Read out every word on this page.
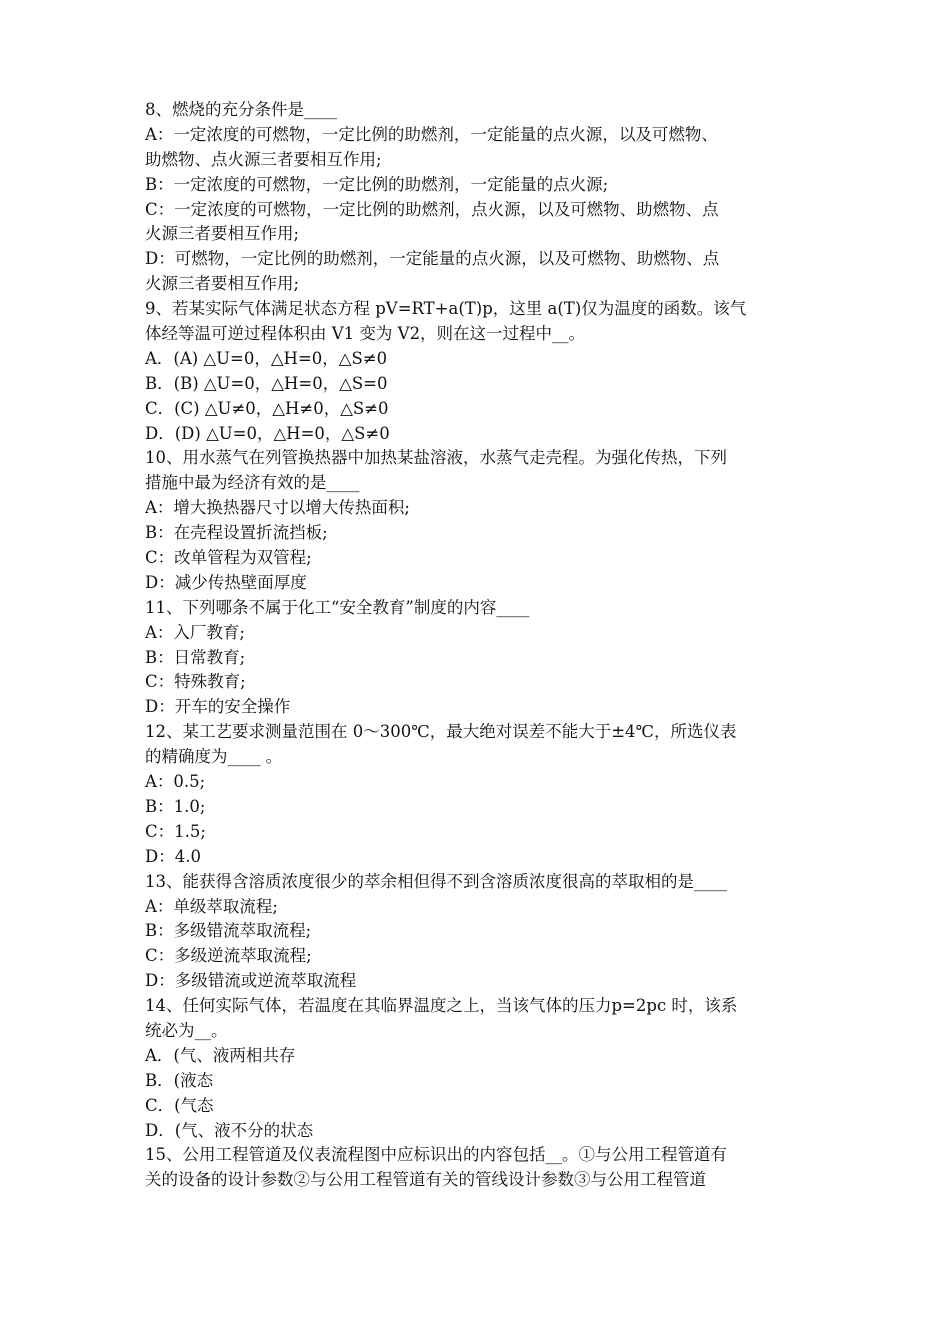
8、燃烧的充分条件是____
A：一定浓度的可燃物，一定比例的助燃剂，一定能量的点火源，以及可燃物、
助燃物、点火源三者要相互作用;
B：一定浓度的可燃物，一定比例的助燃剂，一定能量的点火源;
C：一定浓度的可燃物，一定比例的助燃剂，点火源，以及可燃物、助燃物、点
火源三者要相互作用;
D：可燃物，一定比例的助燃剂，一定能量的点火源，以及可燃物、助燃物、点
火源三者要相互作用;
9、若某实际气体满足状态方程 pV=RT+a(T)p，这里 a(T)仅为温度的函数。该气
体经等温可逆过程体积由 V1 变为 V2，则在这一过程中__。
A．(A) △U=0，△H=0，△S≠0
B．(B) △U=0，△H=0，△S=0
C．(C) △U≠0，△H≠0，△S≠0
D．(D) △U=0，△H=0，△S≠0
10、用水蒸气在列管换热器中加热某盐溶液，水蒸气走壳程。为强化传热，下列
措施中最为经济有效的是____
A：增大换热器尺寸以增大传热面积;
B：在壳程设置折流挡板;
C：改单管程为双管程;
D：减少传热壁面厚度
11、下列哪条不属于化工“安全教育”制度的内容____
A：入厂教育;
B：日常教育;
C：特殊教育;
D：开车的安全操作
12、某工艺要求测量范围在 0～300℃，最大绝对误差不能大于±4℃，所选仪表
的精确度为____ 。
A：0.5;
B：1.0;
C：1.5;
D：4.0
13、能获得含溶质浓度很少的萃余相但得不到含溶质浓度很高的萃取相的是____
A：单级萃取流程;
B：多级错流萃取流程;
C：多级逆流萃取流程;
D：多级错流或逆流萃取流程
14、任何实际气体，若温度在其临界温度之上，当该气体的压力p=2pc 时，该系
统必为__。
A．(气、液两相共存
B．(液态
C．(气态
D．(气、液不分的状态
15、公用工程管道及仪表流程图中应标识出的内容包括__。①与公用工程管道有
关的设备的设计参数②与公用工程管道有关的管线设计参数③与公用工程管道
